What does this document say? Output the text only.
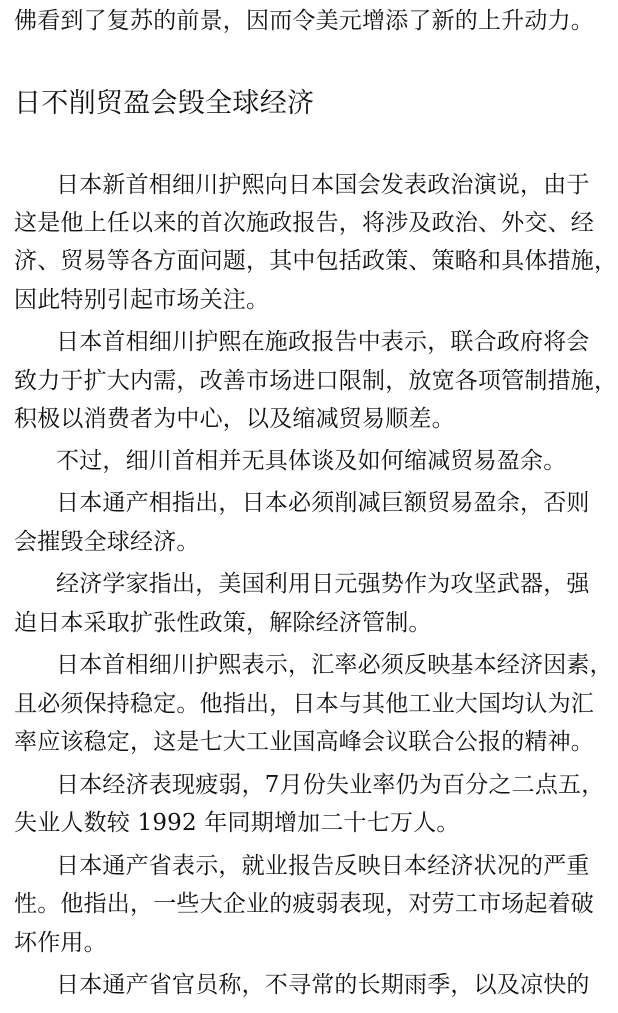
佛看到了复苏的前景，因而令美元增添了新的上升动力。
日不削贸盈会毁全球经济
日本新首相细川护熙向日本国会发表政治演说，由于
这是他上任以来的首次施政报告，将涉及政治、外交、经
济、贸易等各方面问题，其中包括政策、策略和具体措施，
因此特别引起市场关注。
日本首相细川护熙在施政报告中表示，联合政府将会
致力于扩大内需，改善市场进口限制，放宽各项管制措施，
积极以消费者为中心，以及缩减贸易顺差。
不过，细川首相并无具体谈及如何缩减贸易盈余。
日本通产相指出，日本必须削减巨额贸易盈余，否则
会摧毁全球经济。
经济学家指出，美国利用日元强势作为攻坚武器，强
迫日本采取扩张性政策，解除经济管制。
日本首相细川护熙表示，汇率必须反映基本经济因素，
且必须保持稳定。他指出，日本与其他工业大国均认为汇
率应该稳定，这是七大工业国高峰会议联合公报的精神。
日本经济表现疲弱，7月份失业率仍为百分之二点五，
失业人数较 1992 年同期增加二十七万人。
日本通产省表示，就业报告反映日本经济状况的严重
性。他指出，一些大企业的疲弱表现，对劳工市场起着破
坏作用。
日本通产省官员称，不寻常的长期雨季，以及凉快的
